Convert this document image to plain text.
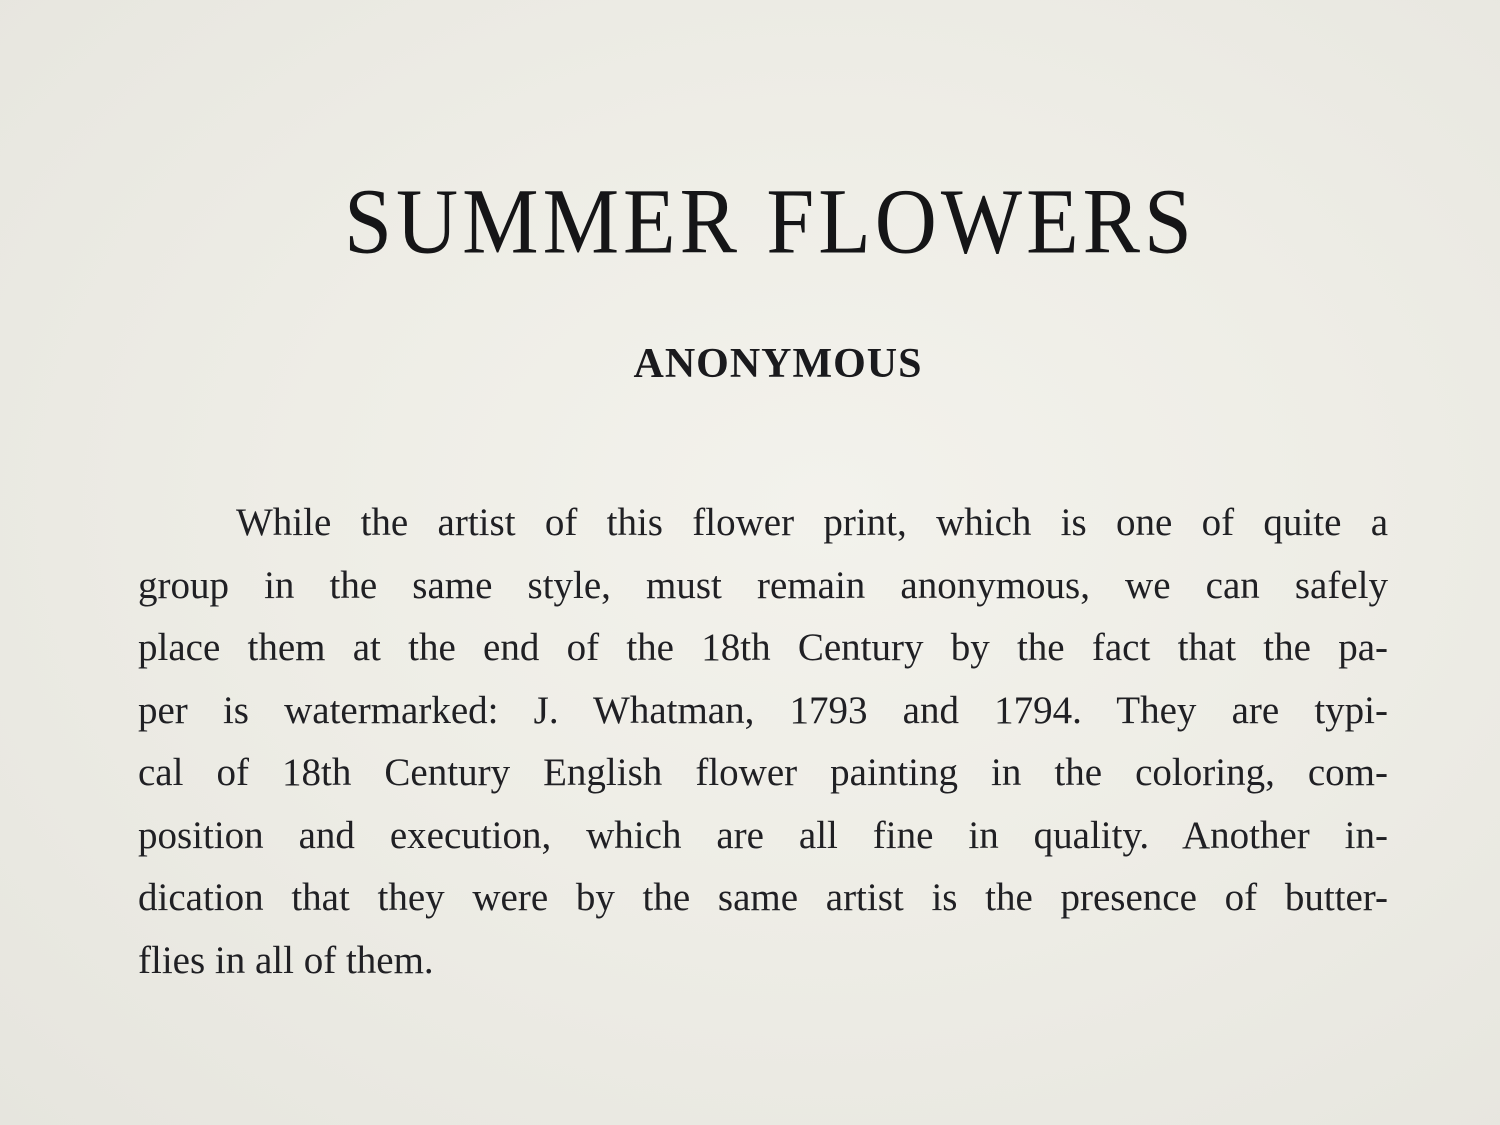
SUMMER FLOWERS
ANONYMOUS
While the artist of this flower print, which is one of quite a
group in the same style, must remain anonymous, we can safely
place them at the end of the 18th Century by the fact that the pa-
per is watermarked: J. Whatman, 1793 and 1794. They are typi-
cal of 18th Century English flower painting in the coloring, com-
position and execution, which are all fine in quality. Another in-
dication that they were by the same artist is the presence of butter-
flies in all of them.
